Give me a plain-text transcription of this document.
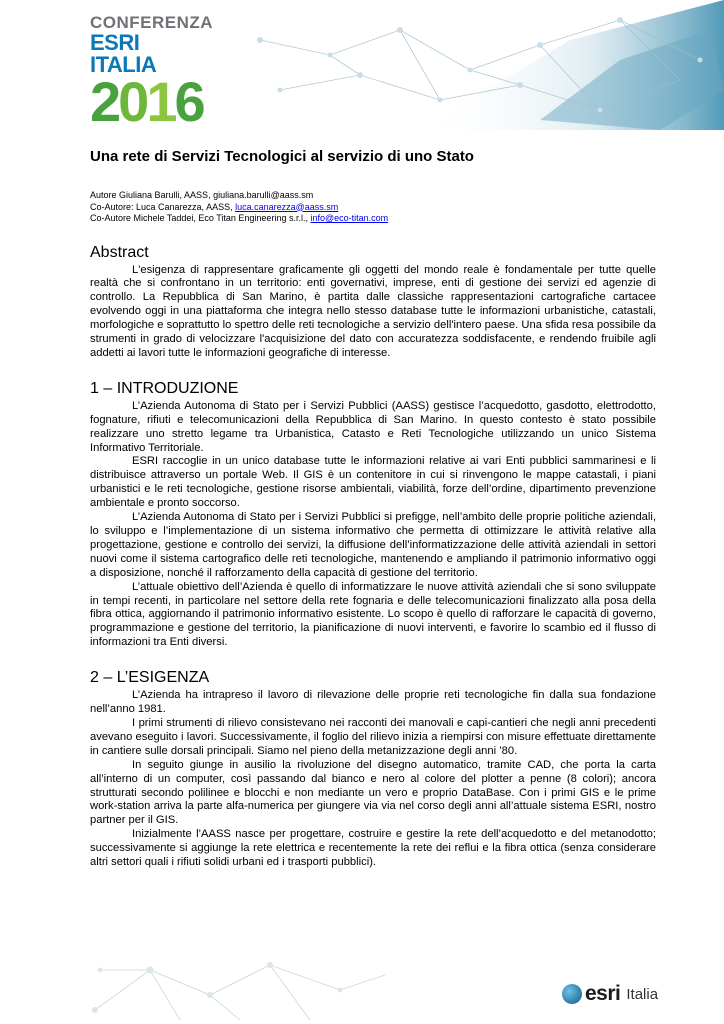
CONFERENZA
ESRI ITALIA
2016
Una rete di Servizi Tecnologici al servizio di uno Stato
Autore Giuliana Barulli, AASS, giuliana.barulli@aass.sm
Co-Autore: Luca Canarezza, AASS, luca.canarezza@aass.sm
Co-Autore Michele Taddei, Eco Titan Engineering s.r.l., info@eco-titan.com
Abstract

L'esigenza di rappresentare graficamente gli oggetti del mondo reale è fondamentale per tutte quelle realtà che si confrontano in un territorio: enti governativi, imprese, enti di gestione dei servizi ed agenzie di controllo. La Repubblica di San Marino, è partita dalle classiche rappresentazioni cartografiche cartacee evolvendo oggi in una piattaforma che integra nello stesso database tutte le informazioni urbanistiche, catastali, morfologiche e soprattutto lo spettro delle reti tecnologiche a servizio dell'intero paese. Una sfida resa possibile da strumenti in grado di velocizzare l'acquisizione del dato con accuratezza soddisfacente, e rendendo fruibile agli addetti ai lavori tutte le informazioni geografiche di interesse.

1 – INTRODUZIONE

L’Azienda Autonoma di Stato per i Servizi Pubblici (AASS) gestisce l’acquedotto, gasdotto, elettrodotto, fognature, rifiuti e telecomunicazioni della Repubblica di San Marino. In questo contesto è stato possibile realizzare uno stretto legame tra Urbanistica, Catasto e Reti Tecnologiche utilizzando un unico Sistema Informativo Territoriale.

ESRI raccoglie in un unico database tutte le informazioni relative ai vari Enti pubblici sammarinesi e li distribuisce attraverso un portale Web. Il GIS è un contenitore in cui si rinvengono le mappe catastali, i piani urbanistici e le reti tecnologiche, gestione risorse ambientali, viabilità, forze dell’ordine, dipartimento prevenzione ambientale e pronto soccorso.

L’Azienda Autonoma di Stato per i Servizi Pubblici si prefigge, nell’ambito delle proprie politiche aziendali, lo sviluppo e l’implementazione di un sistema informativo che permetta di ottimizzare le attività relative alla progettazione, gestione e controllo dei servizi, la diffusione dell’informatizzazione delle attività aziendali in settori nuovi come il sistema cartografico delle reti tecnologiche, mantenendo e ampliando il patrimonio informativo oggi a disposizione, nonché il rafforzamento della capacità di gestione del territorio.

L’attuale obiettivo dell’Azienda è quello di informatizzare le nuove attività aziendali che si sono sviluppate in tempi recenti, in particolare nel settore della rete fognaria e delle telecomunicazioni finalizzato alla posa della fibra ottica, aggiornando il patrimonio informativo esistente. Lo scopo è quello di rafforzare le capacità di governo, programmazione e gestione del territorio, la pianificazione di nuovi interventi, e favorire lo scambio ed il flusso di informazioni tra Enti diversi.

2 – L’ESIGENZA

L’Azienda ha intrapreso il lavoro di rilevazione delle proprie reti tecnologiche fin dalla sua fondazione nell’anno 1981.

I primi strumenti di rilievo consistevano nei racconti dei manovali e capi-cantieri che negli anni precedenti avevano eseguito i lavori. Successivamente, il foglio del rilievo inizia a riempirsi con misure effettuate direttamente in cantiere sulle dorsali principali. Siamo nel pieno della metanizzazione degli anni ’80.

In seguito giunge in ausilio la rivoluzione del disegno automatico, tramite CAD, che porta la carta all’interno di un computer, così passando dal bianco e nero al colore del plotter a penne (8 colori); ancora strutturati secondo polilinee e blocchi e non mediante un vero e proprio DataBase. Con i primi GIS e le prime work-station arriva la parte alfa-numerica per giungere via via nel corso degli anni all’attuale sistema ESRI, nostro partner per il GIS.

Inizialmente l’AASS nasce per progettare, costruire e gestire la rete dell’acquedotto e del metanodotto; successivamente si aggiunge la rete elettrica e recentemente la rete dei reflui e la fibra ottica (senza considerare altri settori quali i rifiuti solidi urbani ed i trasporti pubblici).

esri Italia
